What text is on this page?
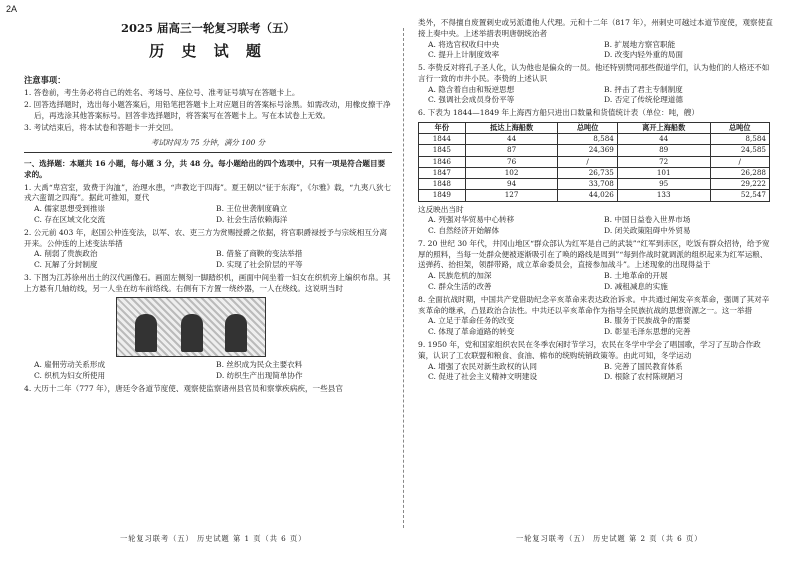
2A
2025 届高三一轮复习联考（五）
历 史 试 题
注意事项：
1. 答卷前，考生务必将自己的姓名、考场号、座位号、准考证号填写在答题卡上。
2. 回答选择题时，选出每小题答案后，用铅笔把答题卡上对应题目的答案标号涂黑。如需改动，用橡皮擦干净后，再选涂其他答案标号。回答非选择题时，将答案写在答题卡上。写在本试卷上无效。
3. 考试结束后，将本试卷和答题卡一并交回。
考试时间为 75 分钟，满分 100 分
一、选择题：本题共 16 小题，每小题 3 分，共 48 分。每小题给出的四个选项中，只有一项是符合题目要求的。
1. 大禹“卑宫室，致费于沟洫”，治理水患，“声教讫于四海”。夏王朝以“征于东海”，《尔雅》载，“九夷八狄七戎六蛮谓之四海”。据此可推知，夏代
A. 儒家思想受到推崇	B. 王位世袭制度确立
C. 存在区域文化交流	D. 社会生活依赖海洋
2. 公元前 403 年，赵国公仲连变法，以军、农、吏三方为赏赐授爵之依据，将官职爵禄授予与宗统相互分离开来。公仲连的上述变法举措
A. 削弱了贵族政治	B. 借鉴了商鞅的变法举措
C. 瓦解了分封制度	D. 实现了社会阶层的平等
3. 下图为江苏徐州出土的汉代画像石。画面左侧刻一脚踏织机，画面中间坐着一妇女在织机旁上编织布帛。其上方悬有几轴纺线，另一人坐在纺车前络线。右侧有下方置一绕纱器，一人在绕线。这说明当时
A. 雇佣劳动关系形成	B. 丝织成为民众主要衣料
C. 织机为妇女所使用	D. 纺织生产出现简单协作
4. 大历十二年（777 年），唐廷令各道节度使、观察使监察诸州县官员和察掌疾病疾，一些县官
类外，不得擅自废置刺史或另派遣他人代理。元和十二年（817 年），州刺史可越过本道节度使，观察使直接上奏中央。上述举措表明唐朝统治者
A. 将选官权收归中央	B. 扩展地方察官职能
C. 提升上计制度效率	D. 改变内轻外重的局面
5. 李贽反对将孔子圣人化，认为他也是偏众的一员。他还特别赞同那些假道学们，认为他们的人格还不如言行一致的市井小民。李贽的上述认识
A. 隐含着自由和叛逆思想	B. 抨击了君主专制制度
C. 强调社会成员身份平等	D. 否定了传统伦理道德
6. 下表为 1844—1849 年上海西方船只进出口数量和货值统计表（单位：吨，艘）
年份	抵达上海船数	总吨位	离开上海船数	总吨位
1844	44	8,584	44	8,584
1845	87	24,369	89	24,585
1846	76	/	72	/
1847	102	26,735	101	26,288
1848	94	33,708	95	29,222
1849	127	44,026	133	52,547
这反映出当时
A. 列强对华贸易中心转移	B. 中国日益卷入世界市场
C. 自然经济开始解体	D. 闭关政策阻碍中外贸易
7. 20 世纪 30 年代，井冈山地区“群众部认为红军是自己的武装”“红军到赤区，吃饭有群众招待，给予宽厚的照料，当每一处群众便被逐渐吸引在了唤的路线是周到”“每到作战时就调派的组织起来为红军运粮、送弹药、抬担架，领群带路，成立革命委员会，直接参加战斗”。上述现象的出现得益于
A. 民族危机的加深	B. 土地革命的开展
C. 群众生活的改善	D. 减租减息的实施
8. 全面抗战时期，中国共产党借助纪念辛亥革命来表达政治诉求。中共通过阐发辛亥革命，强调了其对辛亥革命的继承，凸显政治合法性。中共还以辛亥革命作为指导全民族抗战的思想资源之一。这一举措
A. 立足于革命任务的改变	B. 服务于民族战争的需要
C. 体现了革命道路的转变	D. 彰显毛泽东思想的完善
9. 1950 年，党和国家组织农民在冬季农闲时节学习，农民在冬学中学会了唱国歌，学习了互助合作政策，认识了工农联盟和粮食、食油、棉布的统购统销政策等。由此可知，冬学运动
A. 增强了农民对新生政权的认同	B. 完善了国民教育体系
C. 促进了社会主义精神文明建设	D. 根除了农村陈规陋习
一轮复习联考（五） 历史试题 第 1 页（共 6 页）	一轮复习联考（五） 历史试题 第 2 页（共 6 页）
